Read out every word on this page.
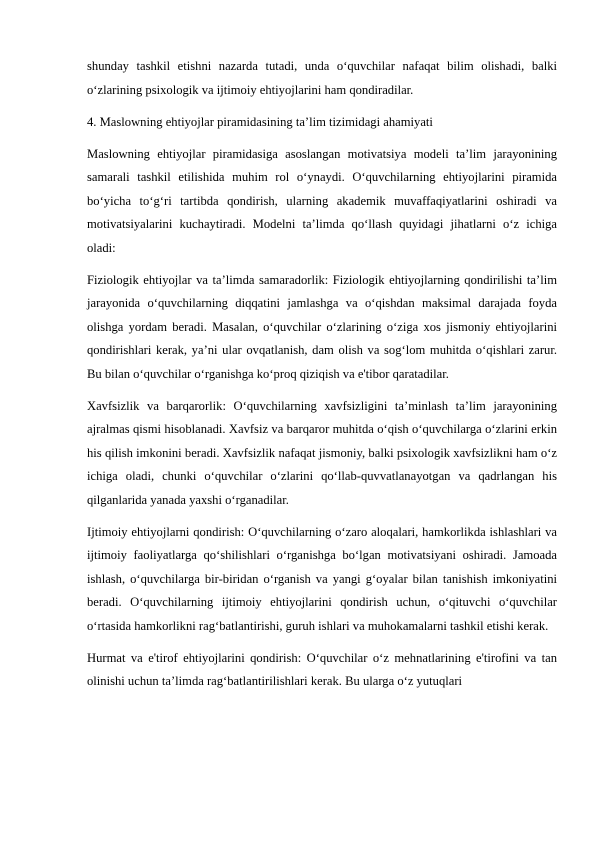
shunday tashkil etishni nazarda tutadi, unda o‘quvchilar nafaqat bilim olishadi, balki o‘zlarining psixologik va ijtimoiy ehtiyojlarini ham qondiradilar.

4. Maslowning ehtiyojlar piramidasining ta’lim tizimidagi ahamiyati

Maslowning ehtiyojlar piramidasiga asoslangan motivatsiya modeli ta’lim jarayonining samarali tashkil etilishida muhim rol o‘ynaydi. O‘quvchilarning ehtiyojlarini piramida bo‘yicha to‘g‘ri tartibda qondirish, ularning akademik muvaffaqiyatlarini oshiradi va motivatsiyalarini kuchaytiradi. Modelni ta’limda qo‘llash quyidagi jihatlarni o‘z ichiga oladi:

Fiziologik ehtiyojlar va ta’limda samaradorlik: Fiziologik ehtiyojlarning qondirilishi ta’lim jarayonida o‘quvchilarning diqqatini jamlashga va o‘qishdan maksimal darajada foyda olishga yordam beradi. Masalan, o‘quvchilar o‘zlarining o‘ziga xos jismoniy ehtiyojlarini qondirishlari kerak, ya’ni ular ovqatlanish, dam olish va sog‘lom muhitda o‘qishlari zarur. Bu bilan o‘quvchilar o‘rganishga ko‘proq qiziqish va e'tibor qaratadilar.

Xavfsizlik va barqarorlik: O‘quvchilarning xavfsizligini ta’minlash ta’lim jarayonining ajralmas qismi hisoblanadi. Xavfsiz va barqaror muhitda o‘qish o‘quvchilarga o‘zlarini erkin his qilish imkonini beradi. Xavfsizlik nafaqat jismoniy, balki psixologik xavfsizlikni ham o‘z ichiga oladi, chunki o‘quvchilar o‘zlarini qo‘llab-quvvatlanayotgan va qadrlangan his qilganlarida yanada yaxshi o‘rganadilar.

Ijtimoiy ehtiyojlarni qondirish: O‘quvchilarning o‘zaro aloqalari, hamkorlikda ishlashlari va ijtimoiy faoliyatlarga qo‘shilishlari o‘rganishga bo‘lgan motivatsiyani oshiradi. Jamoada ishlash, o‘quvchilarga bir-biridan o‘rganish va yangi g‘oyalar bilan tanishish imkoniyatini beradi. O‘quvchilarning ijtimoiy ehtiyojlarini qondirish uchun, o‘qituvchi o‘quvchilar o‘rtasida hamkorlikni rag‘batlantirishi, guruh ishlari va muhokamalarni tashkil etishi kerak.

Hurmat va e'tirof ehtiyojlarini qondirish: O‘quvchilar o‘z mehnatlarining e'tirofini va tan olinishi uchun ta’limda rag‘batlantirilishlari kerak. Bu ularga o‘z yutuqlari
